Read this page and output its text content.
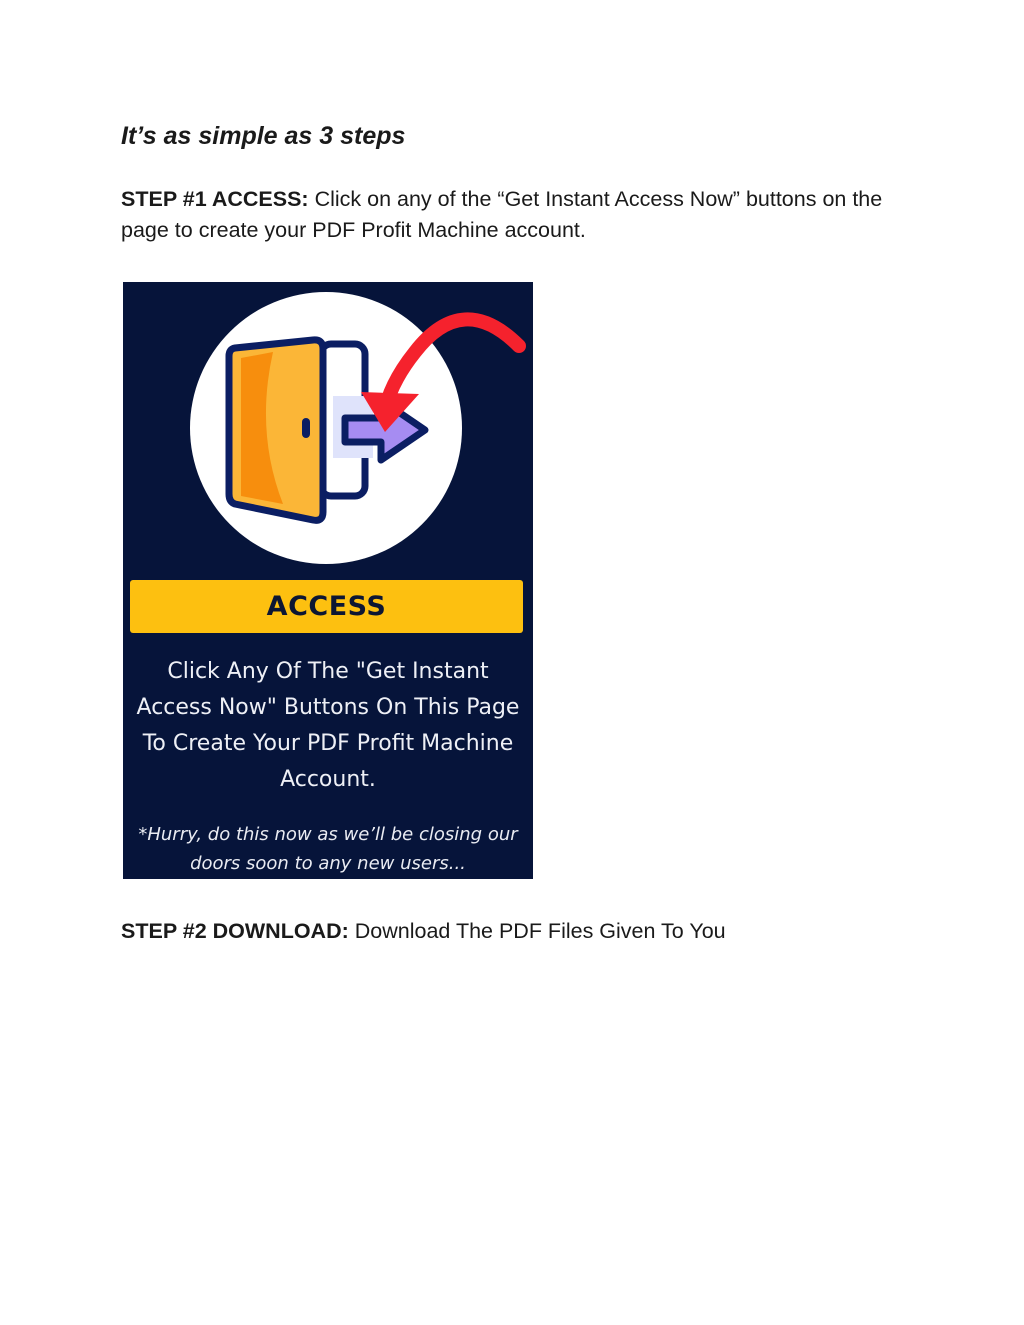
It’s as simple as 3 steps

STEP #1 ACCESS: Click on any of the “Get Instant Access Now” buttons on the page to create your PDF Profit Machine account.

ACCESS

Click Any Of The "Get Instant Access Now" Buttons On This Page To Create Your PDF Profit Machine Account.

*Hurry, do this now as we’ll be closing our doors soon to any new users...

STEP #2 DOWNLOAD: Download The PDF Files Given To You
